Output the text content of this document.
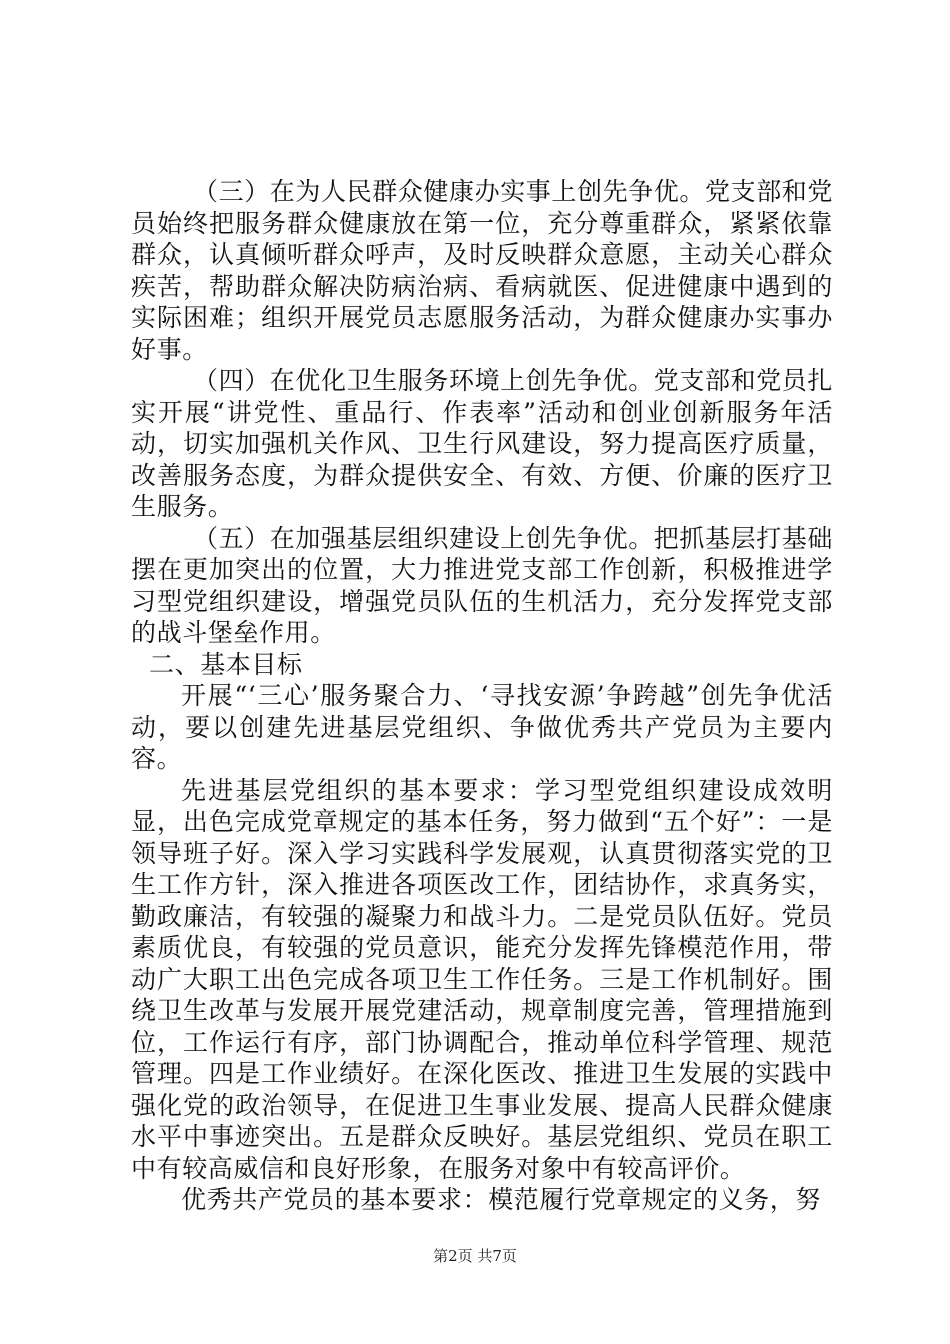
（三）在为人民群众健康办实事上创先争优。党支部和党员始终把服务群众健康放在第一位，充分尊重群众，紧紧依靠群众，认真倾听群众呼声，及时反映群众意愿，主动关心群众疾苦，帮助群众解决防病治病、看病就医、促进健康中遇到的实际困难；组织开展党员志愿服务活动，为群众健康办实事办好事。

（四）在优化卫生服务环境上创先争优。党支部和党员扎实开展“讲党性、重品行、作表率”活动和创业创新服务年活动，切实加强机关作风、卫生行风建设，努力提高医疗质量，改善服务态度，为群众提供安全、有效、方便、价廉的医疗卫生服务。

（五）在加强基层组织建设上创先争优。把抓基层打基础摆在更加突出的位置，大力推进党支部工作创新，积极推进学习型党组织建设，增强党员队伍的生机活力，充分发挥党支部的战斗堡垒作用。

二、基本目标

开展“‘三心’服务聚合力、‘寻找安源’争跨越”创先争优活动，要以创建先进基层党组织、争做优秀共产党员为主要内容。

先进基层党组织的基本要求：学习型党组织建设成效明显，出色完成党章规定的基本任务，努力做到“五个好”：一是领导班子好。深入学习实践科学发展观，认真贯彻落实党的卫生工作方针，深入推进各项医改工作，团结协作，求真务实，勤政廉洁，有较强的凝聚力和战斗力。二是党员队伍好。党员素质优良，有较强的党员意识，能充分发挥先锋模范作用，带动广大职工出色完成各项卫生工作任务。三是工作机制好。围绕卫生改革与发展开展党建活动，规章制度完善，管理措施到位，工作运行有序，部门协调配合，推动单位科学管理、规范管理。四是工作业绩好。在深化医改、推进卫生发展的实践中强化党的政治领导，在促进卫生事业发展、提高人民群众健康水平中事迹突出。五是群众反映好。基层党组织、党员在职工中有较高威信和良好形象，在服务对象中有较高评价。

优秀共产党员的基本要求：模范履行党章规定的义务，努

第2页 共7页
